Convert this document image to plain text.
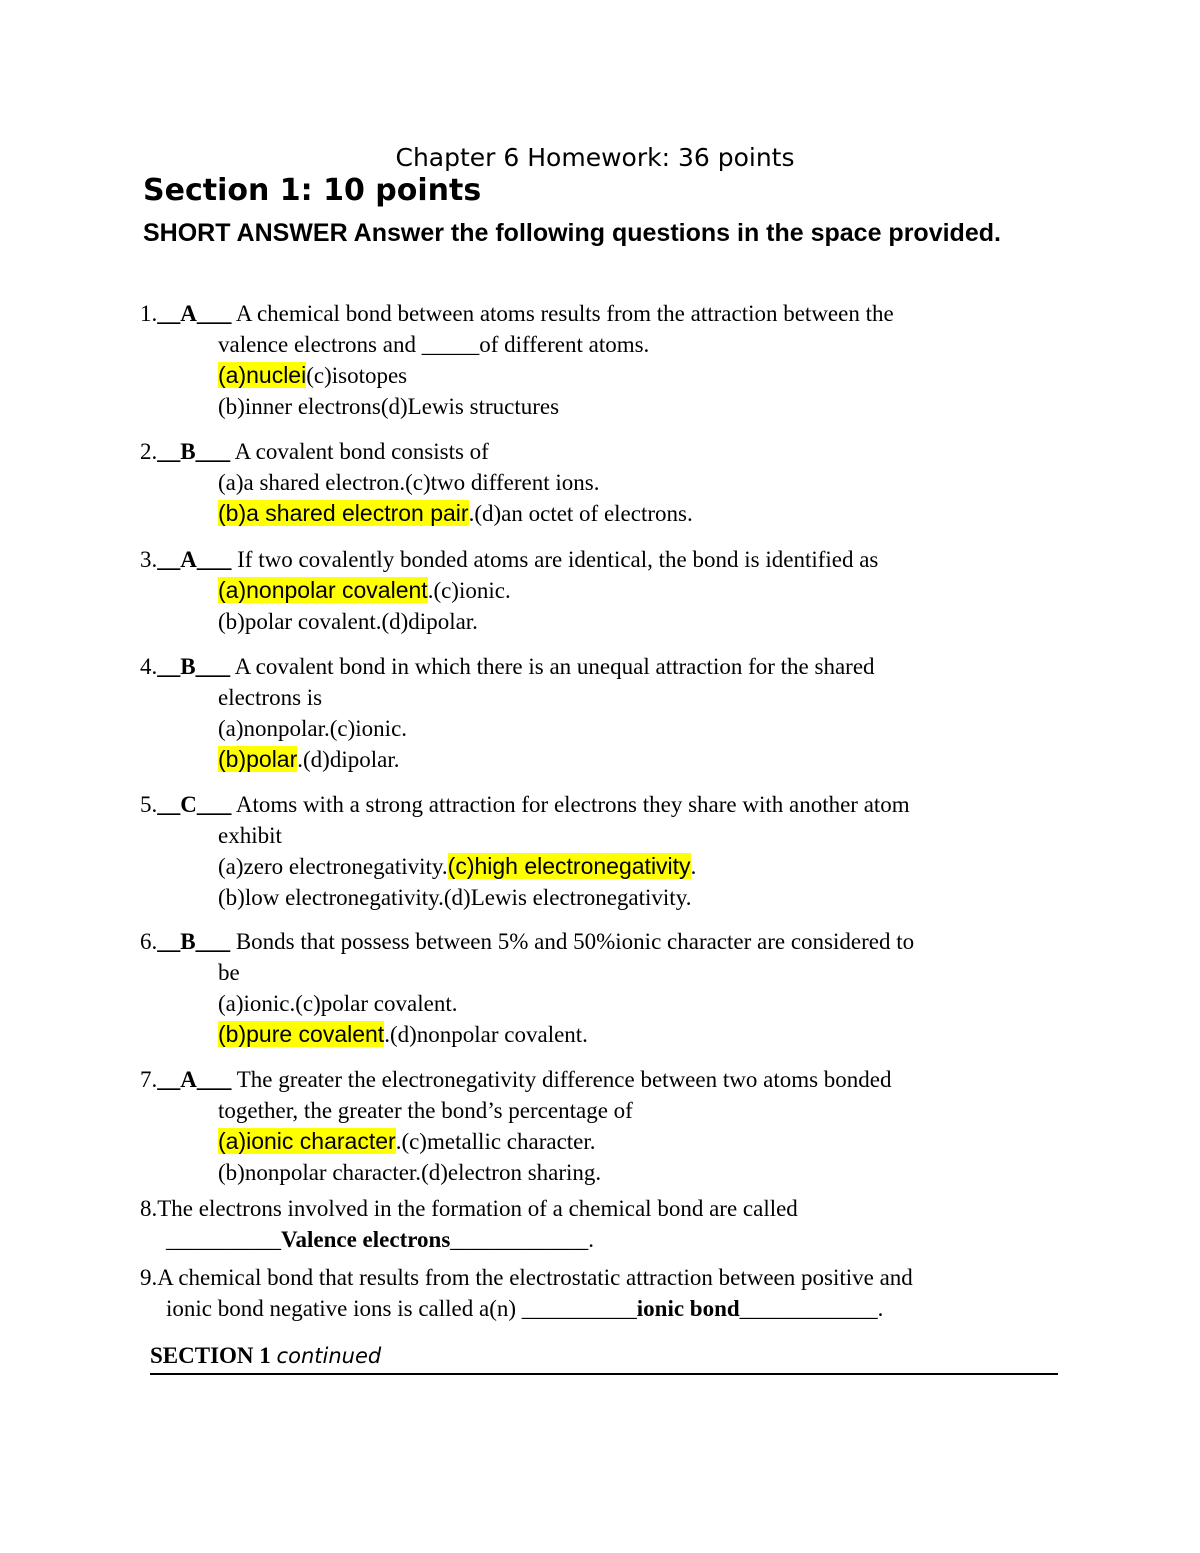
Chapter 6 Homework: 36 points
Section 1: 10 points
SHORT ANSWER Answer the following questions in the space provided.
1.__A___ A chemical bond between atoms results from the attraction between the
valence electrons and _____of different atoms.
(a)nuclei(c)isotopes
(b)inner electrons(d)Lewis structures
2.__B___ A covalent bond consists of
(a)a shared electron.(c)two different ions.
(b)a shared electron pair.(d)an octet of electrons.
3.__A___ If two covalently bonded atoms are identical, the bond is identified as
(a)nonpolar covalent.(c)ionic.
(b)polar covalent.(d)dipolar.
4.__B___ A covalent bond in which there is an unequal attraction for the shared
electrons is
(a)nonpolar.(c)ionic.
(b)polar.(d)dipolar.
5.__C___ Atoms with a strong attraction for electrons they share with another atom
exhibit
(a)zero electronegativity.(c)high electronegativity.
(b)low electronegativity.(d)Lewis electronegativity.
6.__B___ Bonds that possess between 5% and 50%ionic character are considered to
be
(a)ionic.(c)polar covalent.
(b)pure covalent.(d)nonpolar covalent.
7.__A___ The greater the electronegativity difference between two atoms bonded
together, the greater the bond’s percentage of
(a)ionic character.(c)metallic character.
(b)nonpolar character.(d)electron sharing.
8.The electrons involved in the formation of a chemical bond are called
__________Valence electrons____________.
9.A chemical bond that results from the electrostatic attraction between positive and
ionic bond negative ions is called a(n) __________ionic bond____________.
SECTION 1 continued
